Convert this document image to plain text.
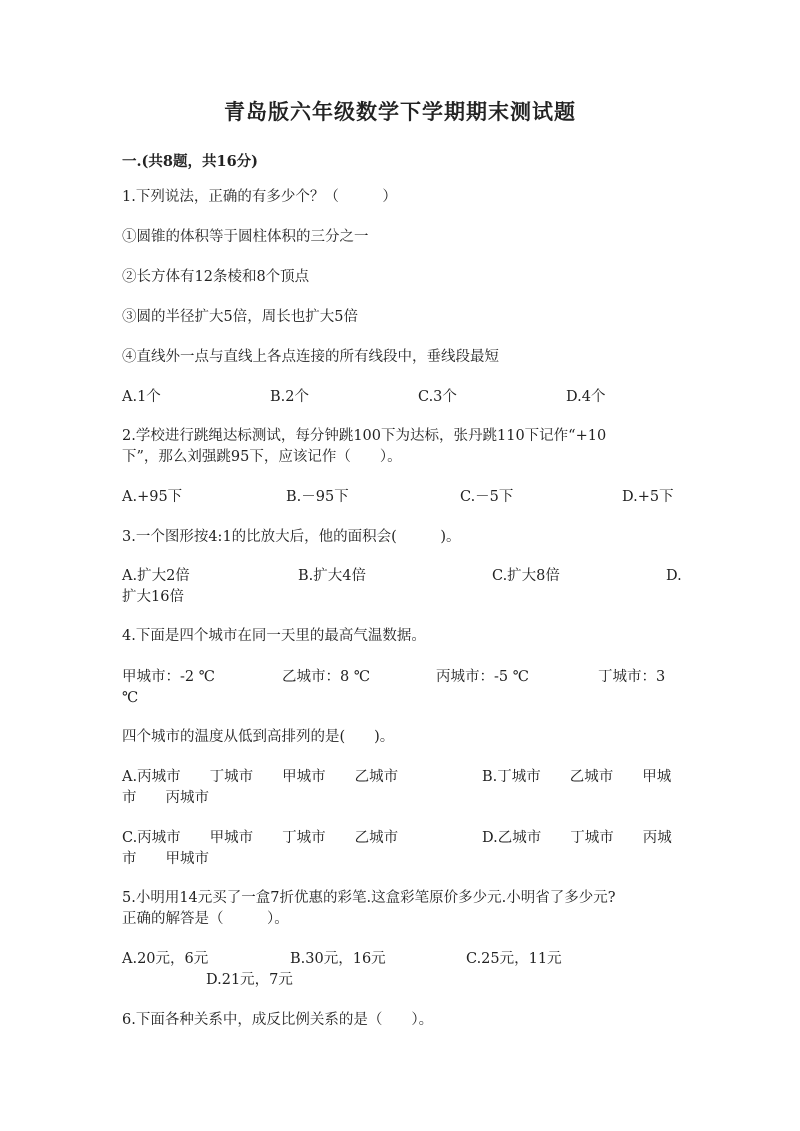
青岛版六年级数学下学期期末测试题
一.(共8题，共16分)
1.下列说法，正确的有多少个？（　　　）
①圆锥的体积等于圆柱体积的三分之一
②长方体有12条棱和8个顶点
③圆的半径扩大5倍，周长也扩大5倍
④直线外一点与直线上各点连接的所有线段中，垂线段最短
A.1个	B.2个	C.3个	D.4个
2.学校进行跳绳达标测试，每分钟跳100下为达标，张丹跳110下记作“+10
下”，那么刘强跳95下，应该记作（　　）。
A.+95下	B.－95下	C.－5下	D.+5下
3.一个图形按4:1的比放大后，他的面积会(　　　)。
A.扩大2倍	B.扩大4倍	C.扩大8倍	D.
扩大16倍
4.下面是四个城市在同一天里的最高气温数据。
甲城市：-2 ℃	乙城市：8 ℃	丙城市：-5 ℃	丁城市：3
℃
四个城市的温度从低到高排列的是(　　)。
A.丙城市　　丁城市　　甲城市　　乙城市	B.丁城市　　乙城市　　甲城
市　　丙城市
C.丙城市　　甲城市　　丁城市　　乙城市	D.乙城市　　丁城市　　丙城
市　　甲城市
5.小明用14元买了一盒7折优惠的彩笔.这盒彩笔原价多少元.小明省了多少元?
正确的解答是（　　　）。
A.20元，6元	B.30元，16元	C.25元，11元
D.21元，7元
6.下面各种关系中，成反比例关系的是（　　）。
